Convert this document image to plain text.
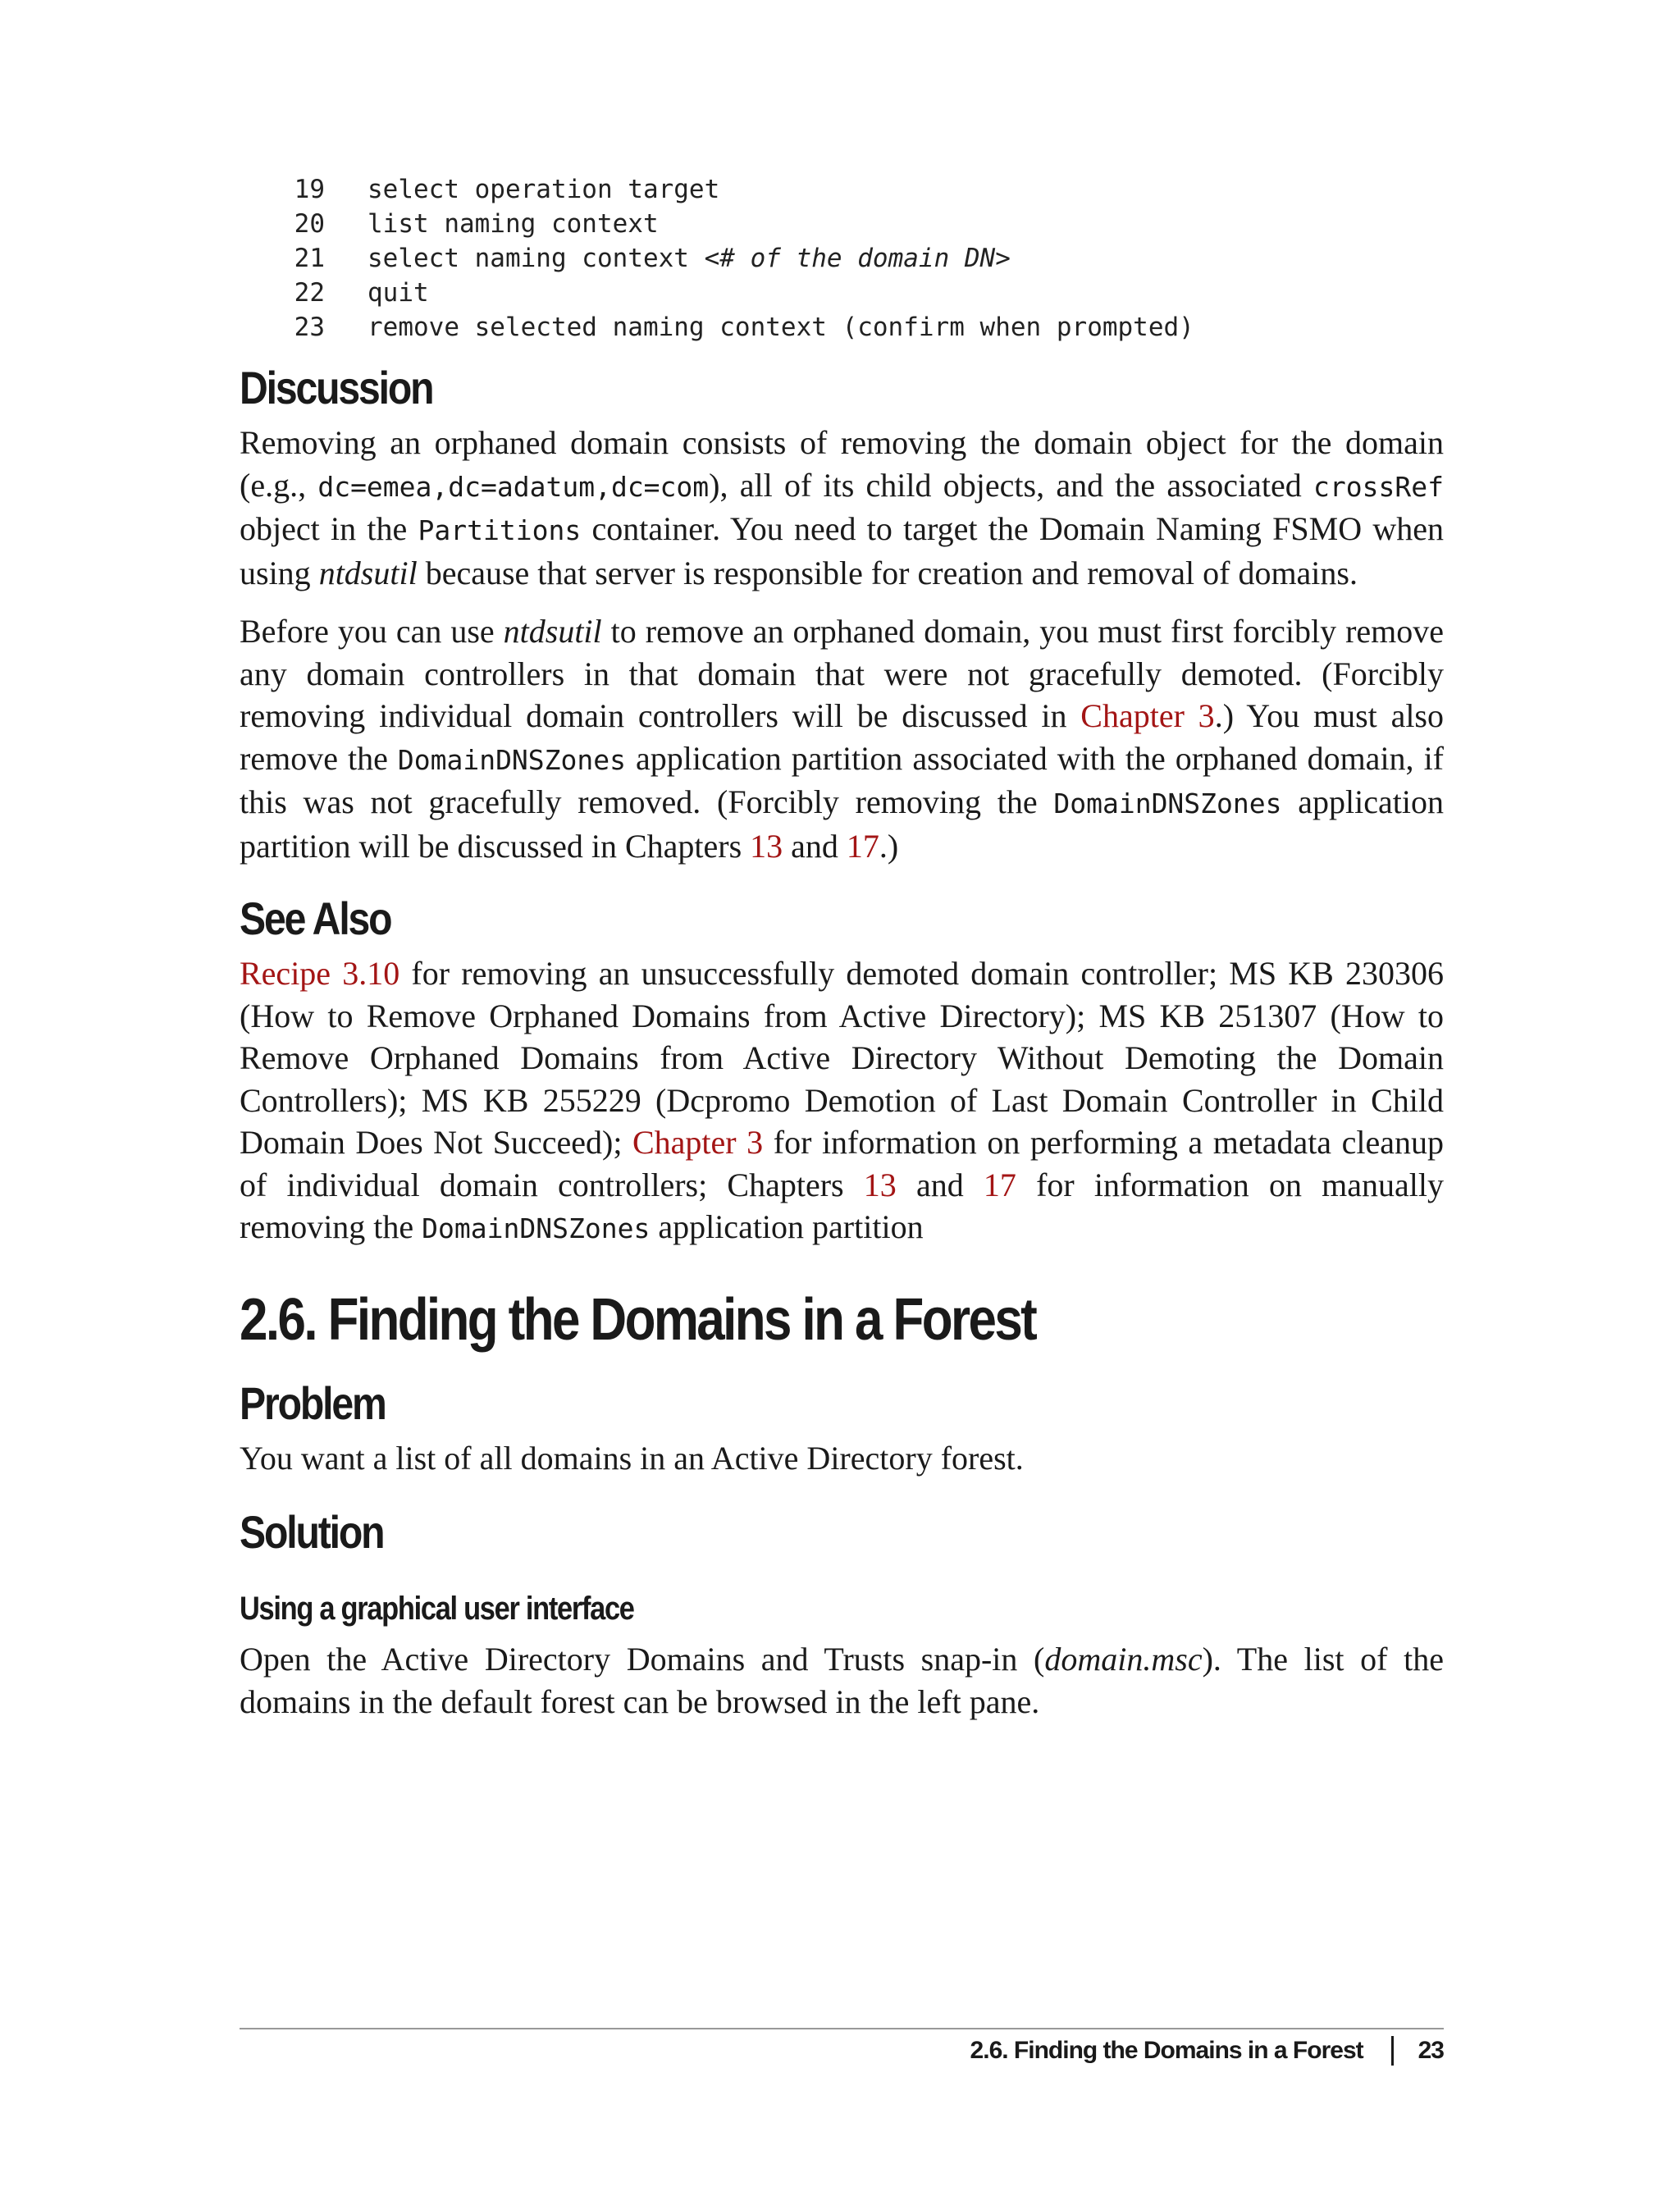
19	select operation target
20	list naming context
21	select naming context <# of the domain DN>
22	quit
23	remove selected naming context (confirm when prompted)
Discussion

Removing an orphaned domain consists of removing the domain object for the domain (e.g., dc=emea,dc=adatum,dc=com), all of its child objects, and the associated crossRef object in the Partitions container. You need to target the Domain Naming FSMO when using ntdsutil because that server is responsible for creation and removal of domains.

Before you can use ntdsutil to remove an orphaned domain, you must first forcibly remove any domain controllers in that domain that were not gracefully demoted. (Forcibly removing individual domain controllers will be discussed in Chapter 3.) You must also remove the DomainDNSZones application partition associated with the orphaned domain, if this was not gracefully removed. (Forcibly removing the DomainDNSZones application partition will be discussed in Chapters 13 and 17.)

See Also

Recipe 3.10 for removing an unsuccessfully demoted domain controller; MS KB 230306 (How to Remove Orphaned Domains from Active Directory); MS KB 251307 (How to Remove Orphaned Domains from Active Directory Without Demoting the Domain Controllers); MS KB 255229 (Dcpromo Demotion of Last Domain Controller in Child Domain Does Not Succeed); Chapter 3 for information on performing a metadata cleanup of individual domain controllers; Chapters 13 and 17 for information on manually removing the DomainDNSZones application partition

2.6. Finding the Domains in a Forest
Problem

You want a list of all domains in an Active Directory forest.

Solution
Using a graphical user interface

Open the Active Directory Domains and Trusts snap-in (domain.msc). The list of the domains in the default forest can be browsed in the left pane.

2.6. Finding the Domains in a Forest 23
